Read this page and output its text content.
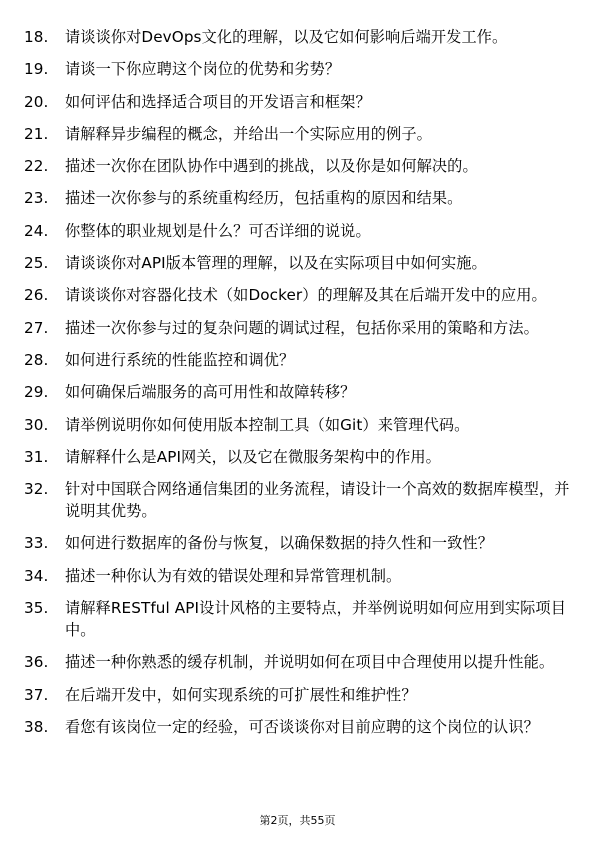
18.	请谈谈你对DevOps文化的理解，以及它如何影响后端开发工作。
19.	请谈一下你应聘这个岗位的优势和劣势？
20.	如何评估和选择适合项目的开发语言和框架？
21.	请解释异步编程的概念，并给出一个实际应用的例子。
22.	描述一次你在团队协作中遇到的挑战，以及你是如何解决的。
23.	描述一次你参与的系统重构经历，包括重构的原因和结果。
24.	你整体的职业规划是什么？可否详细的说说。
25.	请谈谈你对API版本管理的理解，以及在实际项目中如何实施。
26.	请谈谈你对容器化技术（如Docker）的理解及其在后端开发中的应用。
27.	描述一次你参与过的复杂问题的调试过程，包括你采用的策略和方法。
28.	如何进行系统的性能监控和调优？
29.	如何确保后端服务的高可用性和故障转移？
30.	请举例说明你如何使用版本控制工具（如Git）来管理代码。
31.	请解释什么是API网关，以及它在微服务架构中的作用。
32.	针对中国联合网络通信集团的业务流程，请设计一个高效的数据库模型，并说明其优势。
33.	如何进行数据库的备份与恢复，以确保数据的持久性和一致性？
34.	描述一种你认为有效的错误处理和异常管理机制。
35.	请解释RESTful API设计风格的主要特点，并举例说明如何应用到实际项目中。
36.	描述一种你熟悉的缓存机制，并说明如何在项目中合理使用以提升性能。
37.	在后端开发中，如何实现系统的可扩展性和维护性？
38.	看您有该岗位一定的经验，可否谈谈你对目前应聘的这个岗位的认识？
第2页，共55页
